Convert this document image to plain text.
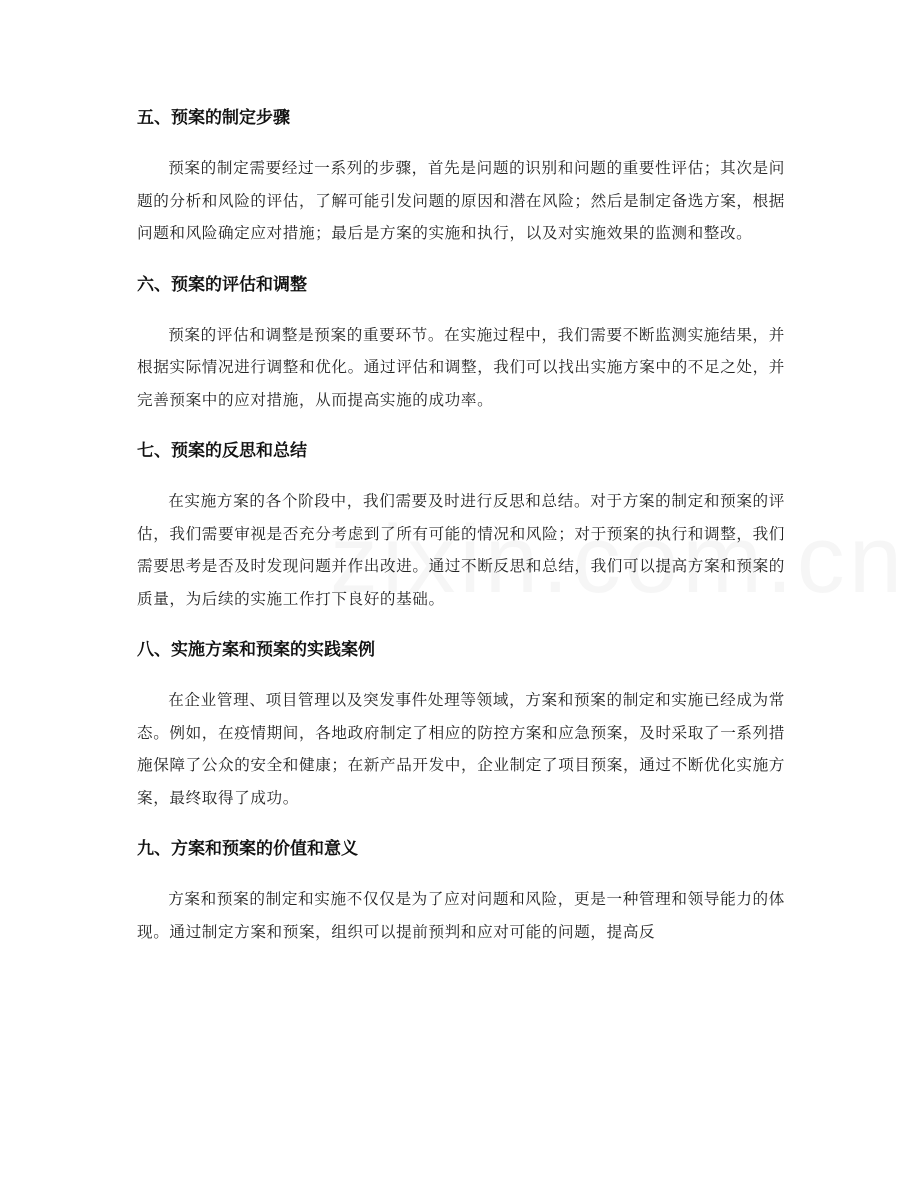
五、预案的制定步骤

预案的制定需要经过一系列的步骤，首先是问题的识别和问题的重要性评估；其次是问题的分析和风险的评估，了解可能引发问题的原因和潜在风险；然后是制定备选方案，根据问题和风险确定应对措施；最后是方案的实施和执行，以及对实施效果的监测和整改。

六、预案的评估和调整

预案的评估和调整是预案的重要环节。在实施过程中，我们需要不断监测实施结果，并根据实际情况进行调整和优化。通过评估和调整，我们可以找出实施方案中的不足之处，并完善预案中的应对措施，从而提高实施的成功率。

七、预案的反思和总结

在实施方案的各个阶段中，我们需要及时进行反思和总结。对于方案的制定和预案的评估，我们需要审视是否充分考虑到了所有可能的情况和风险；对于预案的执行和调整，我们需要思考是否及时发现问题并作出改进。通过不断反思和总结，我们可以提高方案和预案的质量，为后续的实施工作打下良好的基础。

八、实施方案和预案的实践案例

在企业管理、项目管理以及突发事件处理等领域，方案和预案的制定和实施已经成为常态。例如，在疫情期间，各地政府制定了相应的防控方案和应急预案，及时采取了一系列措施保障了公众的安全和健康；在新产品开发中，企业制定了项目预案，通过不断优化实施方案，最终取得了成功。

九、方案和预案的价值和意义

方案和预案的制定和实施不仅仅是为了应对问题和风险，更是一种管理和领导能力的体现。通过制定方案和预案，组织可以提前预判和应对可能的问题，提高反
